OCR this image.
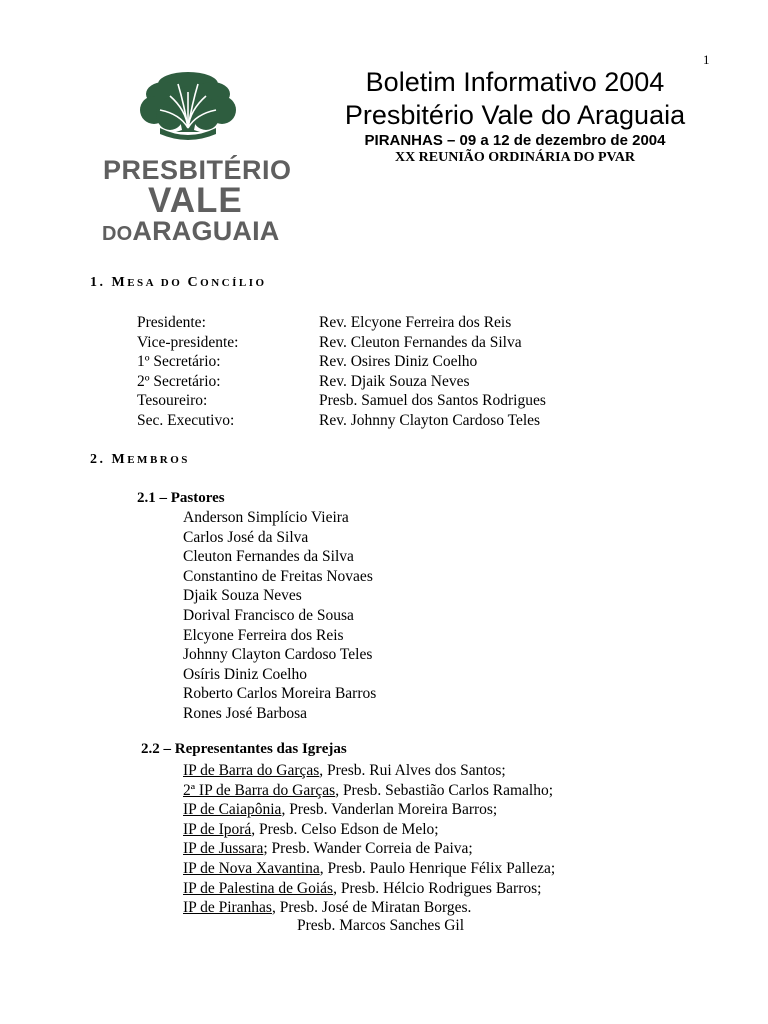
1
PRESBITÉRIO
VALE
DOARAGUAIA
Boletim Informativo 2004
Presbitério Vale do Araguaia
PIRANHAS – 09 a 12 de dezembro de 2004
XX REUNIÃO ORDINÁRIA DO PVAR
1. MESA DO CONCÍLIO
Presidente:	Rev. Elcyone Ferreira dos Reis
Vice-presidente:	Rev. Cleuton Fernandes da Silva
1º Secretário:	Rev. Osires Diniz Coelho
2º Secretário:	Rev. Djaik Souza Neves
Tesoureiro:	Presb. Samuel dos Santos Rodrigues
Sec. Executivo:	Rev. Johnny Clayton Cardoso Teles
2. MEMBROS
2.1 – Pastores
Anderson Simplício Vieira
Carlos José da Silva
Cleuton Fernandes da Silva
Constantino de Freitas Novaes
Djaik Souza Neves
Dorival Francisco de Sousa
Elcyone Ferreira dos Reis
Johnny Clayton Cardoso Teles
Osíris Diniz Coelho
Roberto Carlos Moreira Barros
Rones José Barbosa
2.2 – Representantes das Igrejas
IP de Barra do Garças, Presb. Rui Alves dos Santos;
2ª IP de Barra do Garças, Presb. Sebastião Carlos Ramalho;
IP de Caiapônia, Presb. Vanderlan Moreira Barros;
IP de Iporá, Presb. Celso Edson de Melo;
IP de Jussara; Presb. Wander Correia de Paiva;
IP de Nova Xavantina, Presb. Paulo Henrique Félix Palleza;
IP de Palestina de Goiás, Presb. Hélcio Rodrigues Barros;
IP de Piranhas, Presb. José de Miratan Borges.
Presb. Marcos Sanches Gil
